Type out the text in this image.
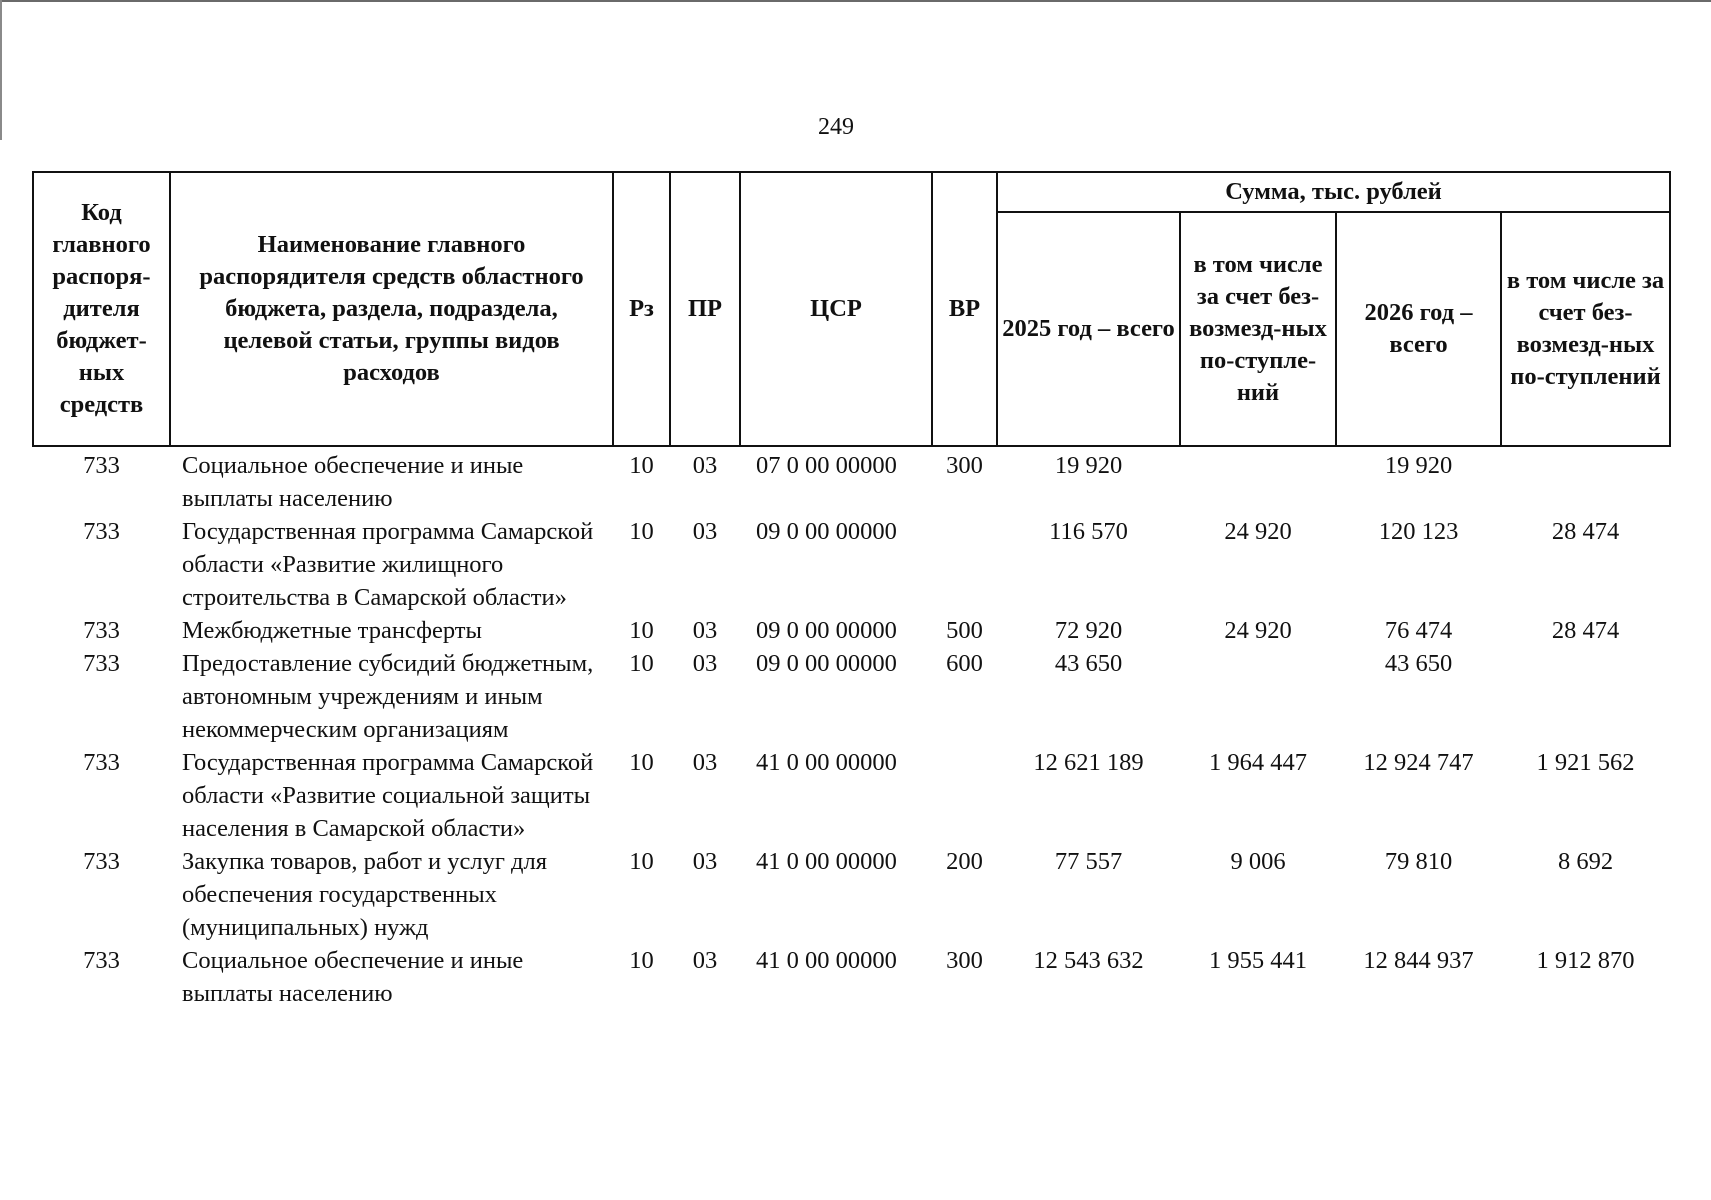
249
Код главного распоря-дителя бюджет-ных средств	Наименование главного распорядителя средств областного бюджета, раздела, подраздела, целевой статьи, группы видов расходов	Рз	ПР	ЦСР	ВР	Сумма, тыс. рублей			
						2025 год – всего	в том числе за счет без-возмезд-ных по-ступле-ний	2026 год – всего	в том числе за счет без-возмезд-ных по-ступлений
733	Социальное обеспечение и иные выплаты населению	10	03	07 0 00 00000	300	19 920		19 920	
733	Государственная программа Самарской области «Развитие жилищного строительства в Самарской области»	10	03	09 0 00 00000		116 570	24 920	120 123	28 474
733	Межбюджетные трансферты	10	03	09 0 00 00000	500	72 920	24 920	76 474	28 474
733	Предоставление субсидий бюджетным, автономным учреждениям и иным некоммерческим организациям	10	03	09 0 00 00000	600	43 650		43 650	
733	Государственная программа Самарской области «Развитие социальной защиты населения в Самарской области»	10	03	41 0 00 00000		12 621 189	1 964 447	12 924 747	1 921 562
733	Закупка товаров, работ и услуг для обеспечения государственных (муниципальных) нужд	10	03	41 0 00 00000	200	77 557	9 006	79 810	8 692
733	Социальное обеспечение и иные выплаты населению	10	03	41 0 00 00000	300	12 543 632	1 955 441	12 844 937	1 912 870
